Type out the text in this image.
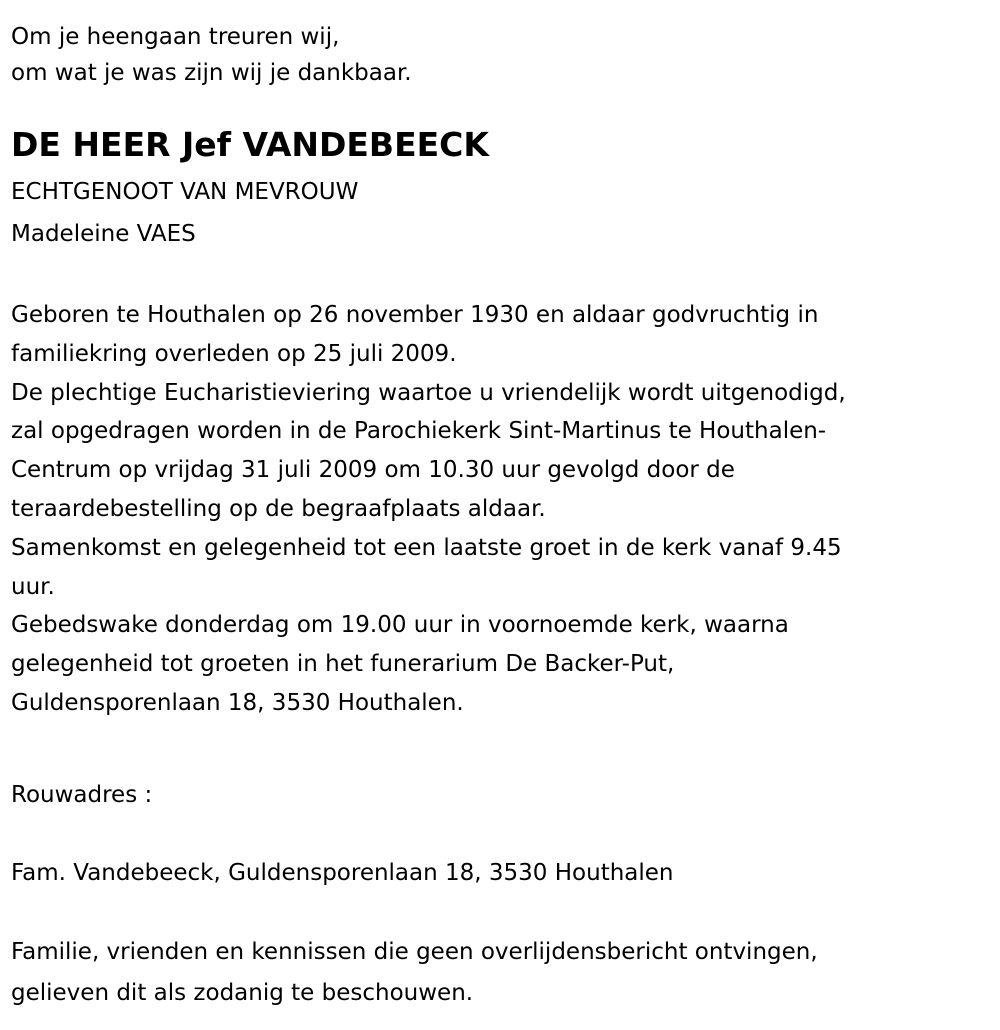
Om je heengaan treuren wij,
om wat je was zijn wij je dankbaar.
DE HEER Jef VANDEBEECK
ECHTGENOOT VAN MEVROUW
Madeleine VAES
Geboren te Houthalen op 26 november 1930 en aldaar godvruchtig in
familiekring overleden op 25 juli 2009.
De plechtige Eucharistieviering waartoe u vriendelijk wordt uitgenodigd,
zal opgedragen worden in de Parochiekerk Sint-Martinus te Houthalen-
Centrum op vrijdag 31 juli 2009 om 10.30 uur gevolgd door de
teraardebestelling op de begraafplaats aldaar.
Samenkomst en gelegenheid tot een laatste groet in de kerk vanaf 9.45
uur.
Gebedswake donderdag om 19.00 uur in voornoemde kerk, waarna
gelegenheid tot groeten in het funerarium De Backer-Put,
Guldensporenlaan 18, 3530 Houthalen.
Rouwadres :
Fam. Vandebeeck, Guldensporenlaan 18, 3530 Houthalen
Familie, vrienden en kennissen die geen overlijdensbericht ontvingen,
gelieven dit als zodanig te beschouwen.
